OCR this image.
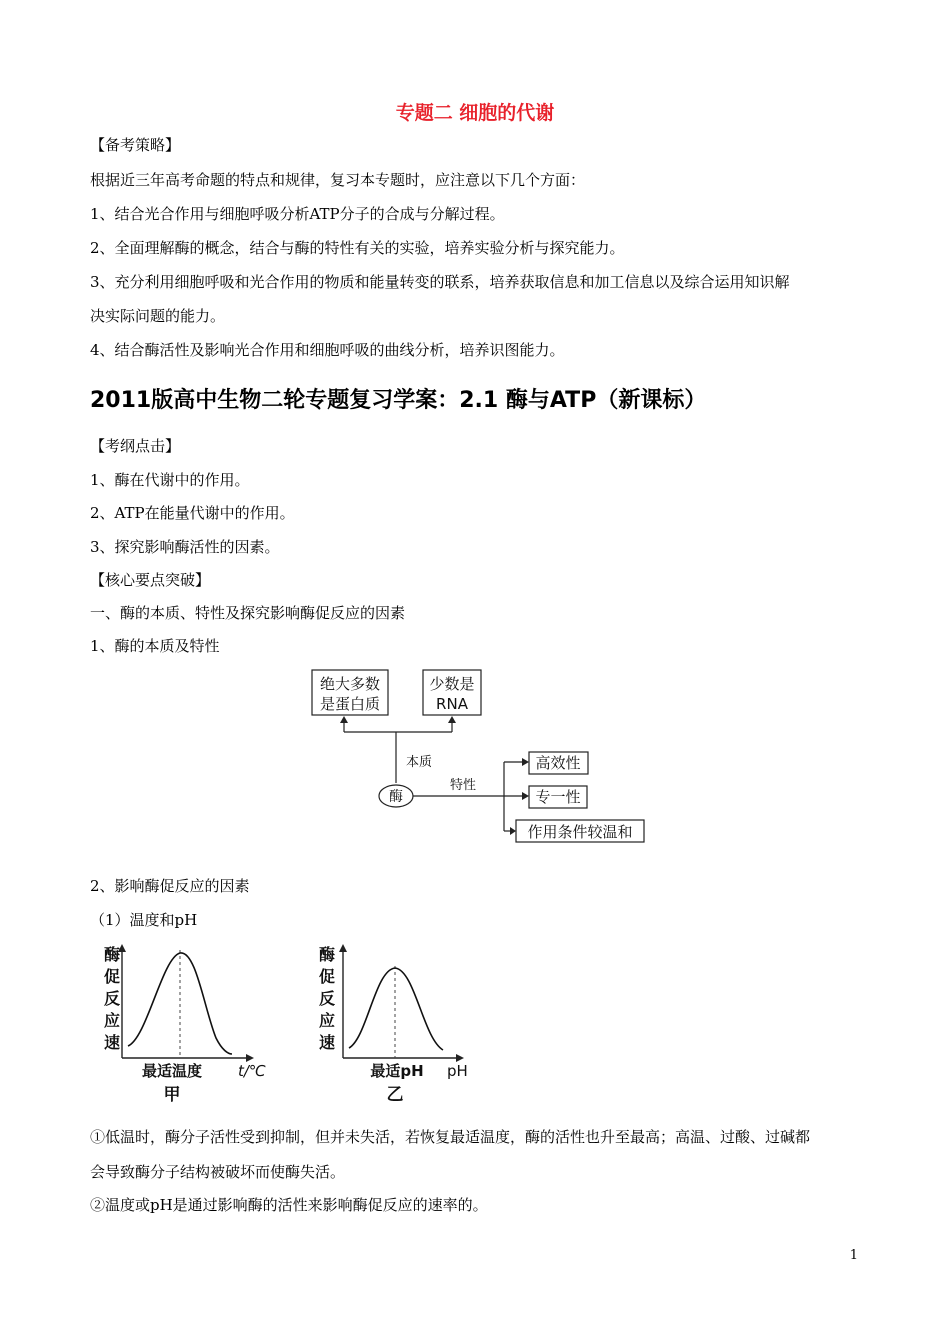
专题二 细胞的代谢
【备考策略】
根据近三年高考命题的特点和规律，复习本专题时，应注意以下几个方面：
1、结合光合作用与细胞呼吸分析ATP分子的合成与分解过程。
2、全面理解酶的概念，结合与酶的特性有关的实验，培养实验分析与探究能力。
3、充分利用细胞呼吸和光合作用的物质和能量转变的联系，培养获取信息和加工信息以及综合运用知识解
决实际问题的能力。
4、结合酶活性及影响光合作用和细胞呼吸的曲线分析，培养识图能力。
2011版高中生物二轮专题复习学案：2.1 酶与ATP（新课标）
【考纲点击】
1、酶在代谢中的作用。
2、ATP在能量代谢中的作用。
3、探究影响酶活性的因素。
【核心要点突破】
一、酶的本质、特性及探究影响酶促反应的因素
1、酶的本质及特性
绝大多数
是蛋白质
少数是
RNA
酶
本质
特性
高效性
专一性
作用条件较温和
2、影响酶促反应的因素
（1）温度和pH
酶
促
反
应
速
最适温度 t/℃
甲
酶
促
反
应
速
最适pH pH
乙
①低温时，酶分子活性受到抑制，但并未失活，若恢复最适温度，酶的活性也升至最高；高温、过酸、过碱都
会导致酶分子结构被破坏而使酶失活。
②温度或pH是通过影响酶的活性来影响酶促反应的速率的。
1
